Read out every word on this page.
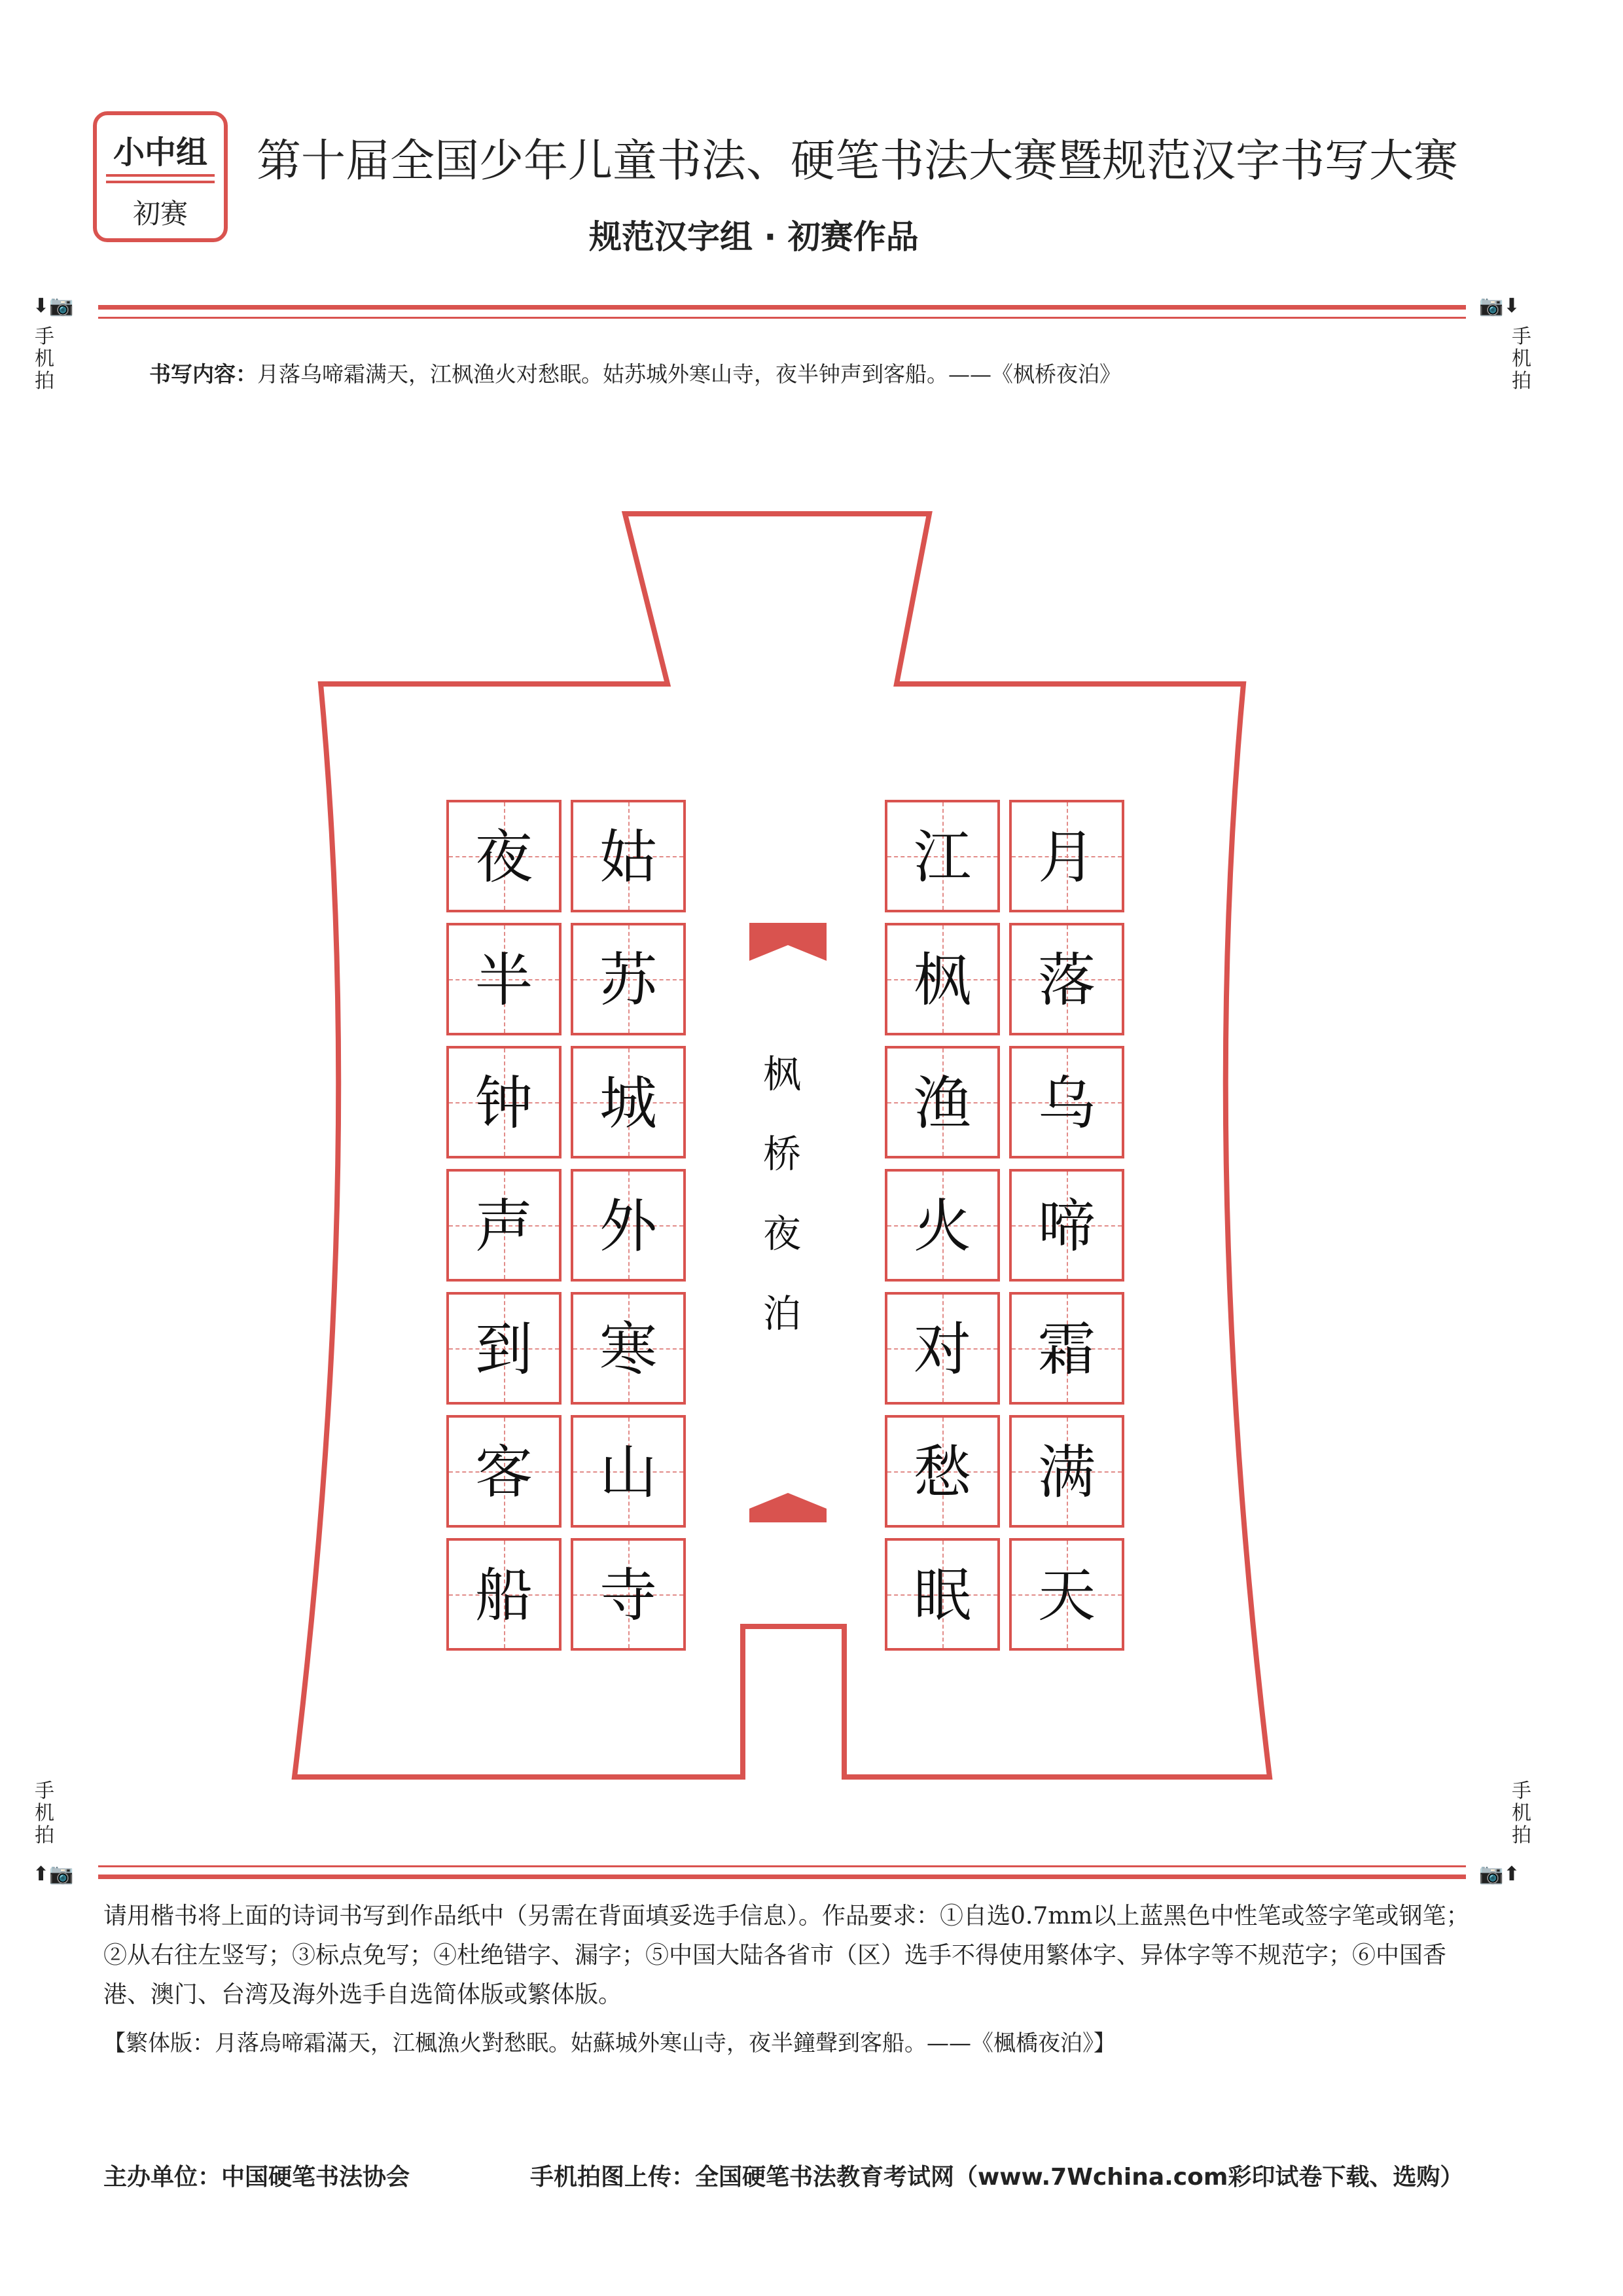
小中组
初赛
第十届全国少年儿童书法、硬笔书法大赛暨规范汉字书写大赛
规范汉字组 · 初赛作品
⬇📷
手机拍
📷⬇
手机拍
书写内容：月落乌啼霜满天，江枫渔火对愁眠。姑苏城外寒山寺，夜半钟声到客船。——《枫桥夜泊》
月
落
乌
啼
霜
满
天
江
枫
渔
火
对
愁
眠
姑
苏
城
外
寒
山
寺
夜
半
钟
声
到
客
船
枫
桥
夜
泊
手机拍
⬆📷
手机拍
📷⬆
请用楷书将上面的诗词书写到作品纸中（另需在背面填妥选手信息）。作品要求：①自选0.7mm以上蓝黑色中性笔或签字笔或钢笔；②从右往左竖写；③标点免写；④杜绝错字、漏字；⑤中国大陆各省市（区）选手不得使用繁体字、异体字等不规范字；⑥中国香港、澳门、台湾及海外选手自选简体版或繁体版。
【繁体版：月落烏啼霜滿天，江楓漁火對愁眠。姑蘇城外寒山寺，夜半鐘聲到客船。——《楓橋夜泊》】
主办单位：中国硬笔书法协会	手机拍图上传：全国硬笔书法教育考试网（www.7Wchina.com彩印试卷下载、选购）
